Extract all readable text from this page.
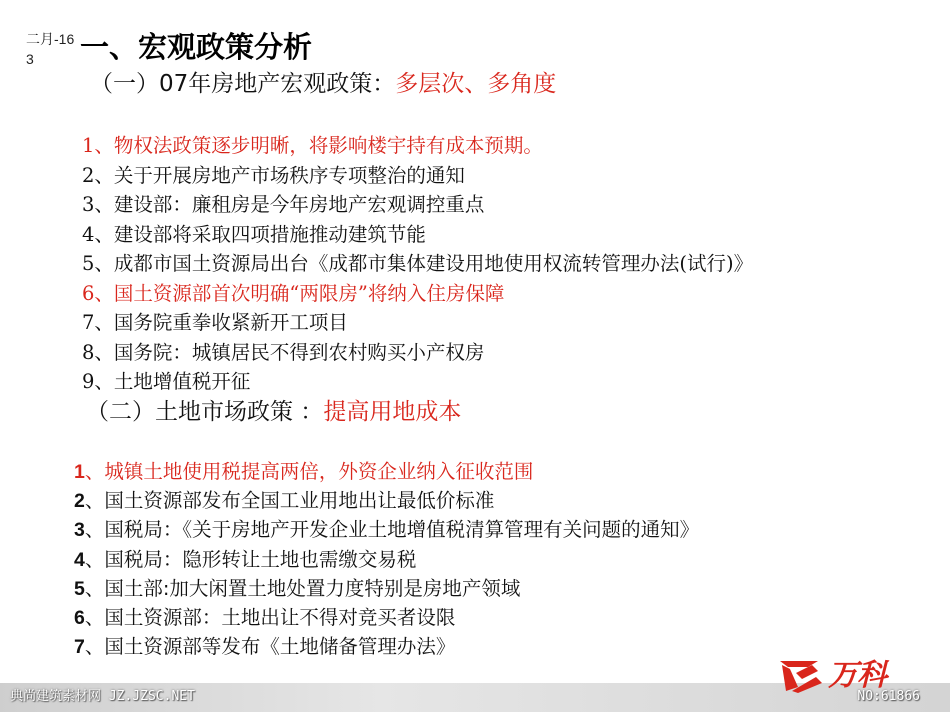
二月-16
3 一、宏观政策分析
（一）07年房地产宏观政策：多层次、多角度
1、物权法政策逐步明晰，将影响楼宇持有成本预期。
2、关于开展房地产市场秩序专项整治的通知
3、建设部：廉租房是今年房地产宏观调控重点
4、建设部将采取四项措施推动建筑节能
5、成都市国土资源局出台《成都市集体建设用地使用权流转管理办法(试行)》
6、国土资源部首次明确“两限房”将纳入住房保障
7、国务院重拳收紧新开工项目
8、国务院：城镇居民不得到农村购买小产权房
9、土地增值税开征
（二）土地市场政策 ：提高用地成本
1、城镇土地使用税提高两倍，外资企业纳入征收范围
2、国土资源部发布全国工业用地出让最低价标准
3、国税局：《关于房地产开发企业土地增值税清算管理有关问题的通知》
4、国税局：隐形转让土地也需缴交易税
5、国土部:加大闲置土地处置力度特别是房地产领域
6、国土资源部：土地出让不得对竞买者设限
7、国土资源部等发布《土地储备管理办法》
典尚建筑素材网 JZ.JZSC.NET	NO:61866
万科
